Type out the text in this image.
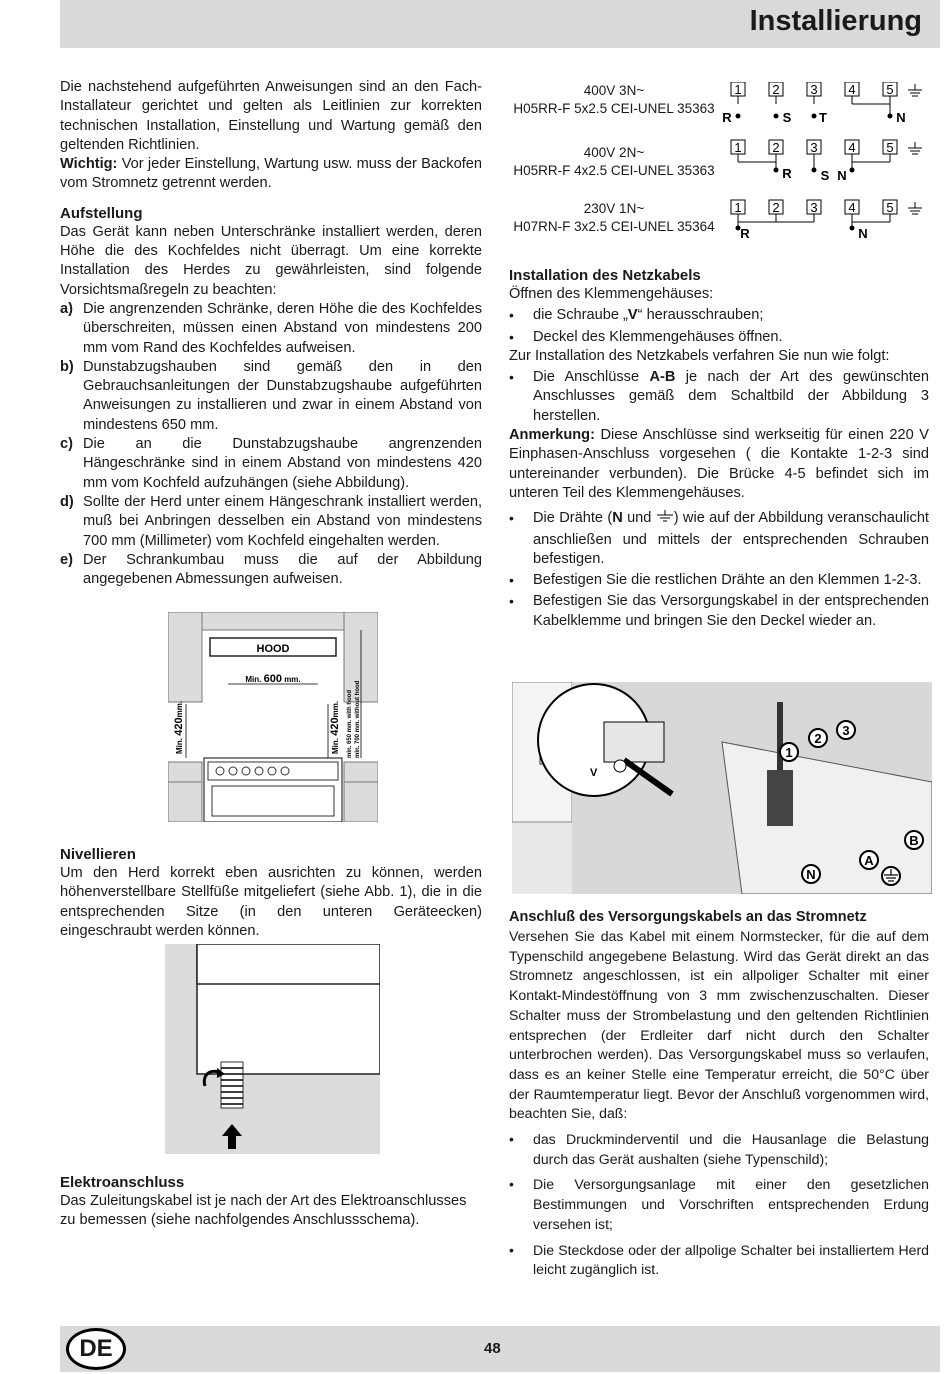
Installierung

Die nachstehend aufgeführten Anweisungen sind an den Fach-Installateur gerichtet und gelten als Leitlinien zur korrekten technischen Installation, Einstellung und Wartung gemäß den geltenden Richtlinien.

Wichtig: Vor jeder Einstellung, Wartung usw. muss der Backofen vom Stromnetz getrennt werden.

Aufstellung

Das Gerät kann neben Unterschränke installiert werden, deren Höhe die des Kochfeldes nicht überragt. Um eine korrekte Installation des Herdes zu gewährleisten, sind folgende Vorsichtsmaßregeln zu beachten:

a) Die angrenzenden Schränke, deren Höhe die des Kochfeldes überschreiten, müssen einen Abstand von mindestens 200 mm vom Rand des Kochfeldes aufweisen.
b) Dunstabzugshauben sind gemäß den in den Gebrauchsanleitungen der Dunstabzugshaube aufgeführten Anweisungen zu installieren und zwar in einem Abstand von mindestens 650 mm.
c) Die an die Dunstabzugshaube angrenzenden Hängeschränke sind in einem Abstand von mindestens 420 mm vom Kochfeld aufzuhängen (siehe Abbildung).
d) Sollte der Herd unter einem Hängeschrank installiert werden, muß bei Anbringen desselben ein Abstand von mindestens 700 mm (Millimeter) vom Kochfeld eingehalten werden.
e) Der Schrankumbau muss die auf der Abbildung angegebenen Abmessungen aufweisen.
HOOD
Min. 600 mm.
Min. 420mm.
Min. 420mm. min. 650 mm. with hood min. 700 mm. without hood
Nivellieren

Um den Herd korrekt eben ausrichten zu können, werden höhenverstellbare Stellfüße mitgeliefert (siehe Abb. 1), die in die entsprechenden Sitze (in den unteren Geräteecken) eingeschraubt werden können.

Elektroanschluss

Das Zuleitungskabel ist je nach der Art des Elektroanschlusses zu bemessen (siehe nachfolgendes Anschlussschema).

400V 3N~
H05RR-F 5x2.5 CEI-UNEL 35363
400V 2N~
H05RR-F 4x2.5 CEI-UNEL 35363
230V 1N~
H07RN-F 3x2.5 CEI-UNEL 35364
1 2 3 4 5
R	S T	N
1 2 3 4 5
R S N
1 2 3 4 5
R	N
Installation des Netzkabels

Öffnen des Klemmengehäuses:

• die Schraube „V“ herausschrauben;
• Deckel des Klemmengehäuses öffnen.

Zur Installation des Netzkabels verfahren Sie nun wie folgt:

• Die Anschlüsse A-B je nach der Art des gewünschten Anschlusses gemäß dem Schaltbild der Abbildung 3 herstellen.

Anmerkung: Diese Anschlüsse sind werkseitig für einen 220 V Einphasen-Anschluss vorgesehen ( die Kontakte 1-2-3 sind untereinander verbunden). Die Brücke 4-5 befindet sich im unteren Teil des Klemmengehäuses.

• Die Drähte (N und ) wie auf der Abbildung veranschaulicht anschließen und mittels der entsprechenden Schrauben befestigen.
• Befestigen Sie die restlichen Drähte an den Klemmen 1-2-3.
• Befestigen Sie das Versorgungskabel in der entsprechenden Kabelklemme und bringen Sie den Deckel wieder an.
V
1
2
3
A
B
N
Anschluß des Versorgungskabels an das Stromnetz

Versehen Sie das Kabel mit einem Normstecker, für die auf dem Typenschild angegebene Belastung. Wird das Gerät direkt an das Stromnetz angeschlossen, ist ein allpoliger Schalter mit einer Kontakt-Mindestöffnung von 3 mm zwischenzuschalten. Dieser Schalter muss der Strombelastung und den geltenden Richtlinien entsprechen (der Erdleiter darf nicht durch den Schalter unterbrochen werden). Das Versorgungskabel muss so verlaufen, dass es an keiner Stelle eine Temperatur erreicht, die 50°C über der Raumtemperatur liegt. Bevor der Anschluß vorgenommen wird, beachten Sie, daß:

• das Druckminderventil und die Hausanlage die Belastung durch das Gerät aushalten (siehe Typenschild);
• Die Versorgungsanlage mit einer den gesetzlichen Bestimmungen und Vorschriften entsprechenden Erdung versehen ist;
• Die Steckdose oder der allpolige Schalter bei installiertem Herd leicht zugänglich ist.
DE	48
